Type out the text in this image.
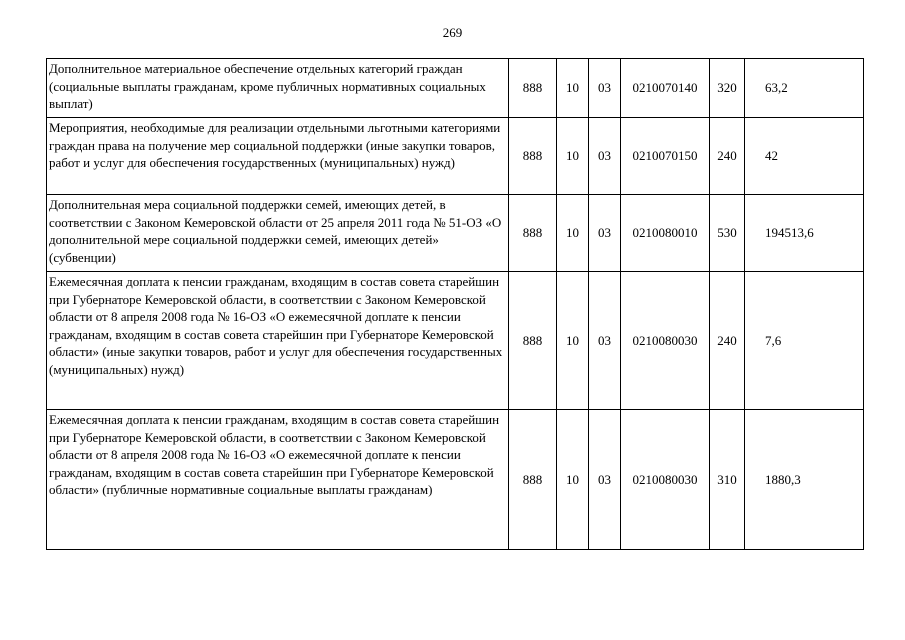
269
Дополнительное материальное обеспечение отдельных категорий граждан (социальные выплаты гражданам, кроме публичных нормативных социальных выплат)	888	10	03	0210070140	320	63,2
Мероприятия, необходимые для реализации отдельными льготными категориями граждан права на получение мер социальной поддержки (иные закупки товаров, работ и услуг для обеспечения государственных (муниципальных) нужд)	888	10	03	0210070150	240	42
Дополнительная мера социальной поддержки семей, имеющих детей, в соответствии с Законом Кемеровской области от 25 апреля 2011 года № 51-ОЗ «О дополнительной мере социальной поддержки семей, имеющих детей» (субвенции)	888	10	03	0210080010	530	194513,6
Ежемесячная доплата к пенсии гражданам, входящим в состав совета старейшин при Губернаторе Кемеровской области, в соответствии с Законом Кемеровской области от 8 апреля 2008 года № 16-ОЗ «О ежемесячной доплате к пенсии гражданам, входящим в состав совета старейшин при Губернаторе Кемеровской области» (иные закупки товаров, работ и услуг для обеспечения государственных (муниципальных) нужд)	888	10	03	0210080030	240	7,6
Ежемесячная доплата к пенсии гражданам, входящим в состав совета старейшин при Губернаторе Кемеровской области, в соответствии с Законом Кемеровской области от 8 апреля 2008 года № 16-ОЗ «О ежемесячной доплате к пенсии гражданам, входящим в состав совета старейшин при Губернаторе Кемеровской области» (публичные нормативные социальные выплаты гражданам)	888	10	03	0210080030	310	1880,3
